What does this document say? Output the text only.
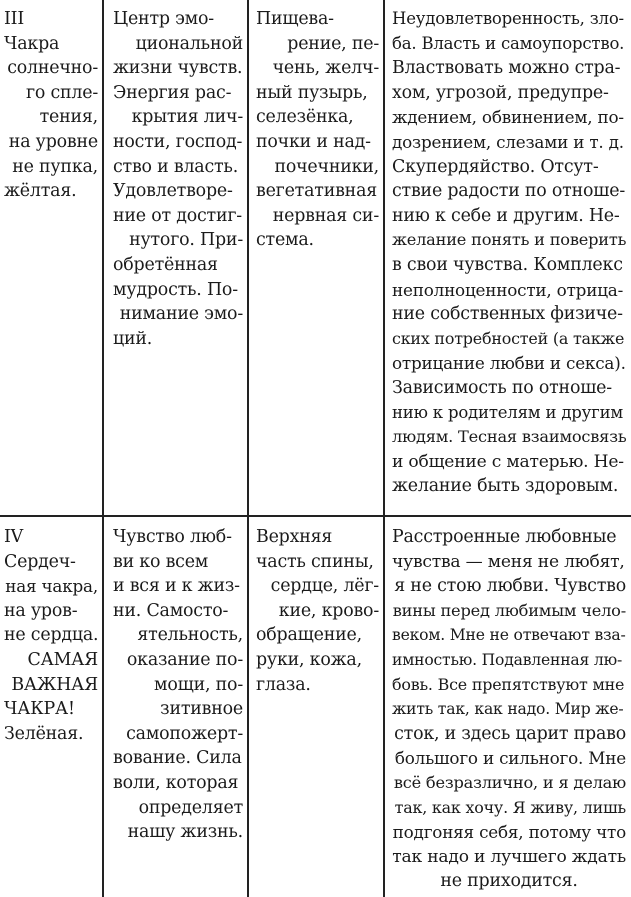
III
Чакра
солнечно-
го спле-
тения,
на уровне
не пупка,
жёлтая.
Центр эмо-
циональной
жизни чувств.
Энергия рас-
крытия лич-
ности, господ-
ство и власть.
Удовлетворе-
ние от достиг-
нутого. При-
обретённая
мудрость. По-
нимание эмо-
ций.
Пищева-
рение, пе-
чень, желч-
ный пузырь,
селезёнка,
почки и над-
почечники,
вегетативная
нервная си-
стема.
Неудовлетворенность, зло-
ба. Власть и самоупорство.
Властвовать можно стра-
хом, угрозой, предупре-
ждением, обвинением, по-
дозрением, слезами и т. д.
Скупердяйство. Отсут-
ствие радости по отноше-
нию к себе и другим. Не-
желание понять и поверить
в свои чувства. Комплекс
неполноценности, отрица-
ние собственных физиче-
ских потребностей (а также
отрицание любви и секса).
Зависимость по отноше-
нию к родителям и другим
людям. Тесная взаимосвязь
и общение с матерью. Не-
желание быть здоровым.
IV
Сердеч-
ная чакра,
на уров-
не сердца.
САМАЯ
ВАЖНАЯ
ЧАКРА!
Зелёная.
Чувство люб-
ви ко всем
и вся и к жиз-
ни. Самосто-
ятельность,
оказание по-
мощи, по-
зитивное
самопожерт-
вование. Сила
воли, которая
определяет
нашу жизнь.
Верхняя
часть спины,
сердце, лёг-
кие, крово-
обращение,
руки, кожа,
глаза.
Расстроенные любовные
чувства — меня не любят,
я не стою любви. Чувство
вины перед любимым чело-
веком. Мне не отвечают вза-
имностью. Подавленная лю-
бовь. Все препятствуют мне
жить так, как надо. Мир же-
сток, и здесь царит право
большого и сильного. Мне
всё безразлично, и я делаю
так, как хочу. Я живу, лишь
подгоняя себя, потому что
так надо и лучшего ждать
не приходится.
